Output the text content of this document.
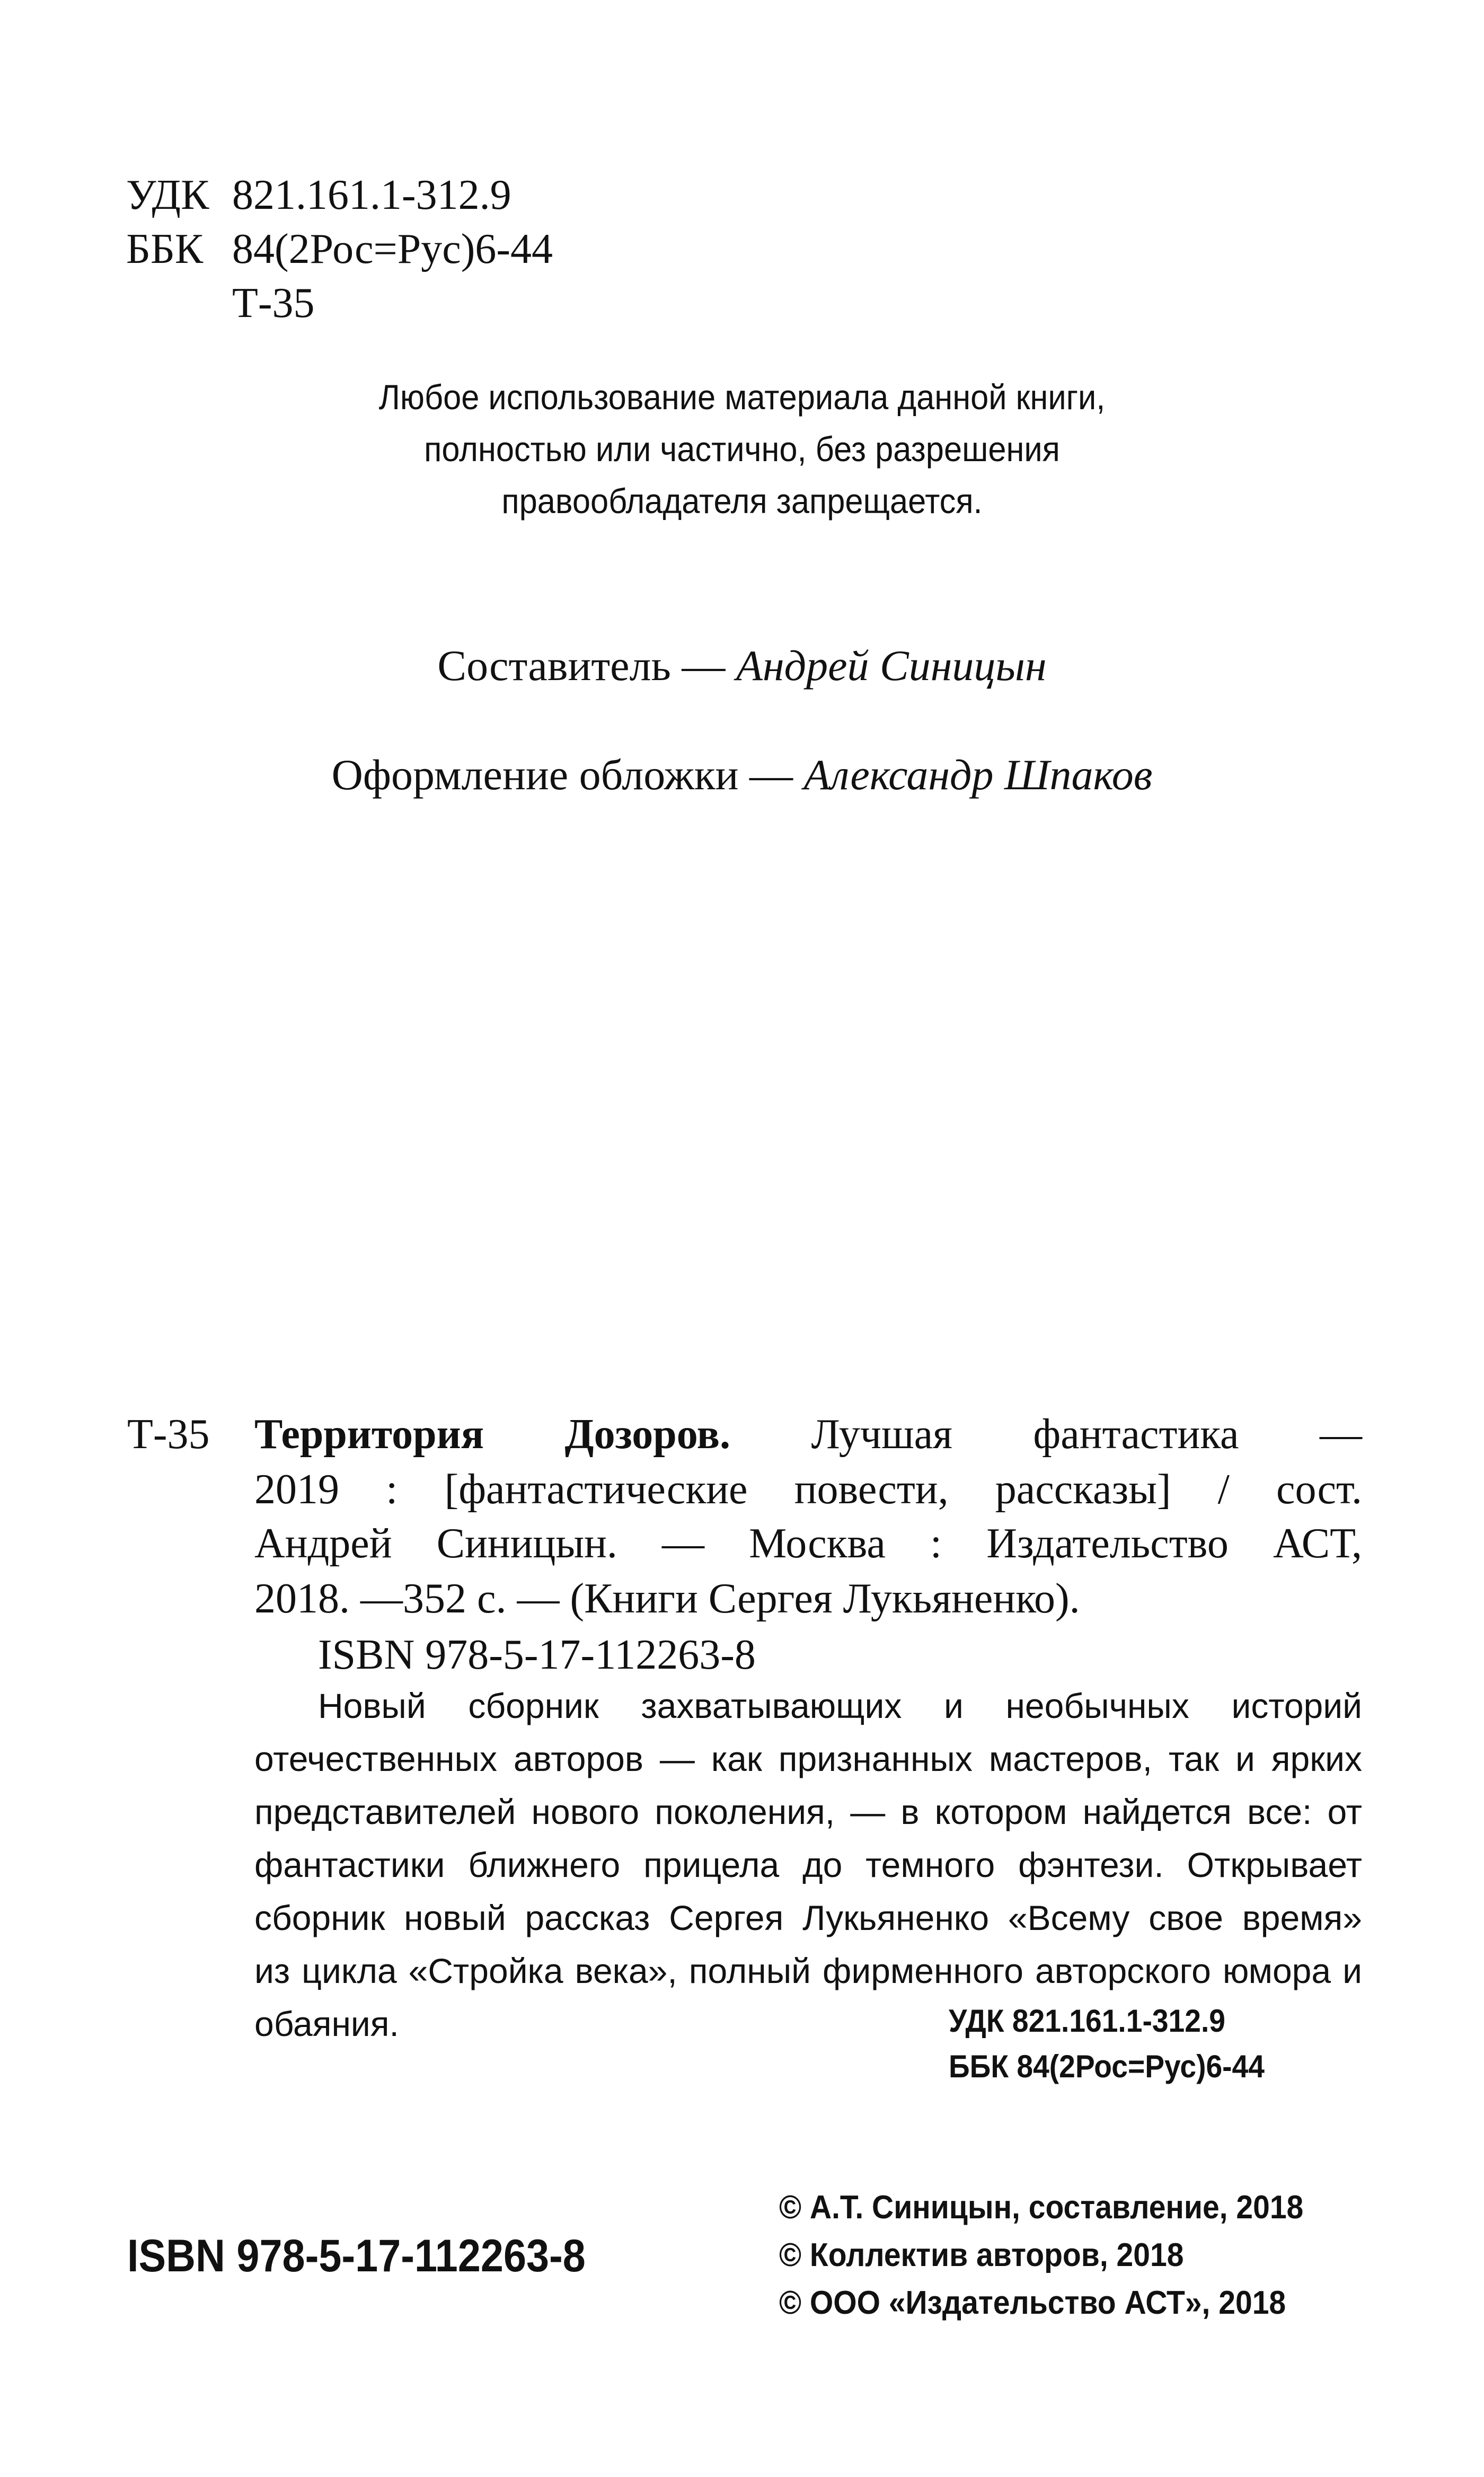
УДК 821.161.1-312.9
ББК 84(2Рос=Рус)6-44
Т-35
Любое использование материала данной книги,
полностью или частично, без разрешения
правообладателя запрещается.
Составитель — Андрей Синицын
Оформление обложки — Александр Шпаков
Т-35 Территория Дозоров. Лучшая фантастика —
2019 : [фантастические повести, рассказы] / сост.
Андрей Синицын. — Москва : Издательство АСТ,
2018. —352 с. — (Книги Сергея Лукьяненко).
ISBN 978-5-17-112263-8
Новый сборник захватывающих и необычных историй
отечественных авторов — как признанных мастеров, так и ярких
представителей нового поколения, — в котором найдется все: от
фантастики ближнего прицела до темного фэнтези. Открывает
сборник новый рассказ Сергея Лукьяненко «Всему свое время»
из цикла «Стройка века», полный фирменного авторского юмора и
обаяния.	УДК 821.161.1-312.9
ББК 84(2Рос=Рус)6-44
© А.Т. Синицын, составление, 2018
© Коллектив авторов, 2018
© ООО «Издательство АСТ», 2018
ISBN 978-5-17-112263-8
